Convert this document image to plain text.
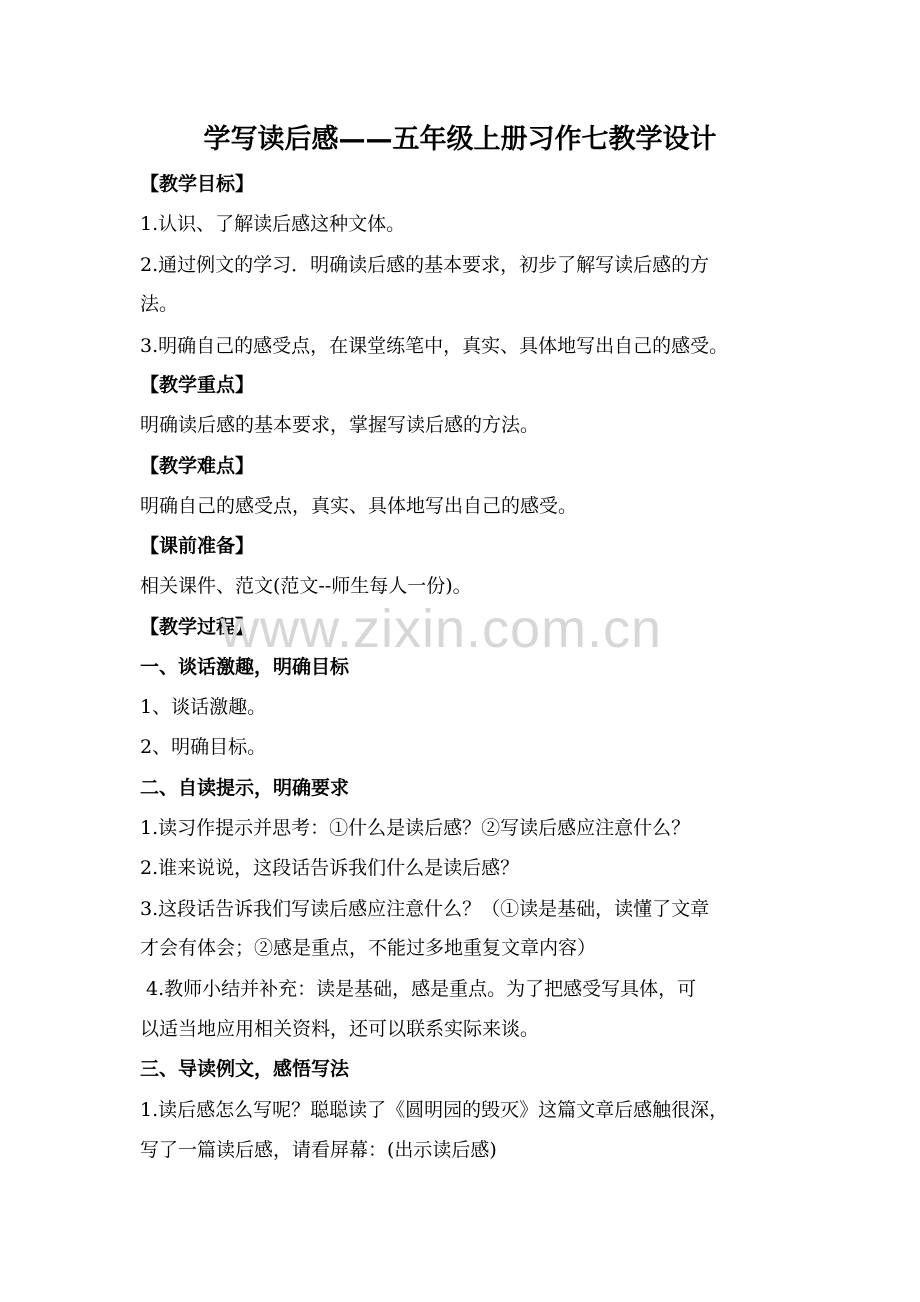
学写读后感——五年级上册习作七教学设计
【教学目标】
1.认识、了解读后感这种文体。
2.通过例文的学习．明确读后感的基本要求，初步了解写读后感的方
法。
3.明确自己的感受点，在课堂练笔中，真实、具体地写出自己的感受。
【教学重点】
明确读后感的基本要求，掌握写读后感的方法。
【教学难点】
明确自己的感受点，真实、具体地写出自己的感受。
【课前准备】
相关课件、范文(范文--师生每人一份)。
【教学过程】
一、谈话激趣，明确目标
1、谈话激趣。
2、明确目标。
二、自读提示，明确要求
1.读习作提示并思考：①什么是读后感？②写读后感应注意什么？
2.谁来说说，这段话告诉我们什么是读后感？
3.这段话告诉我们写读后感应注意什么？（①读是基础，读懂了文章
才会有体会；②感是重点，不能过多地重复文章内容）
4.教师小结并补充：读是基础，感是重点。为了把感受写具体，可
以适当地应用相关资料，还可以联系实际来谈。
三、导读例文，感悟写法
1.读后感怎么写呢？聪聪读了《圆明园的毁灭》这篇文章后感触很深，
写了一篇读后感，请看屏幕：(出示读后感)
www.zixin.com.cn
